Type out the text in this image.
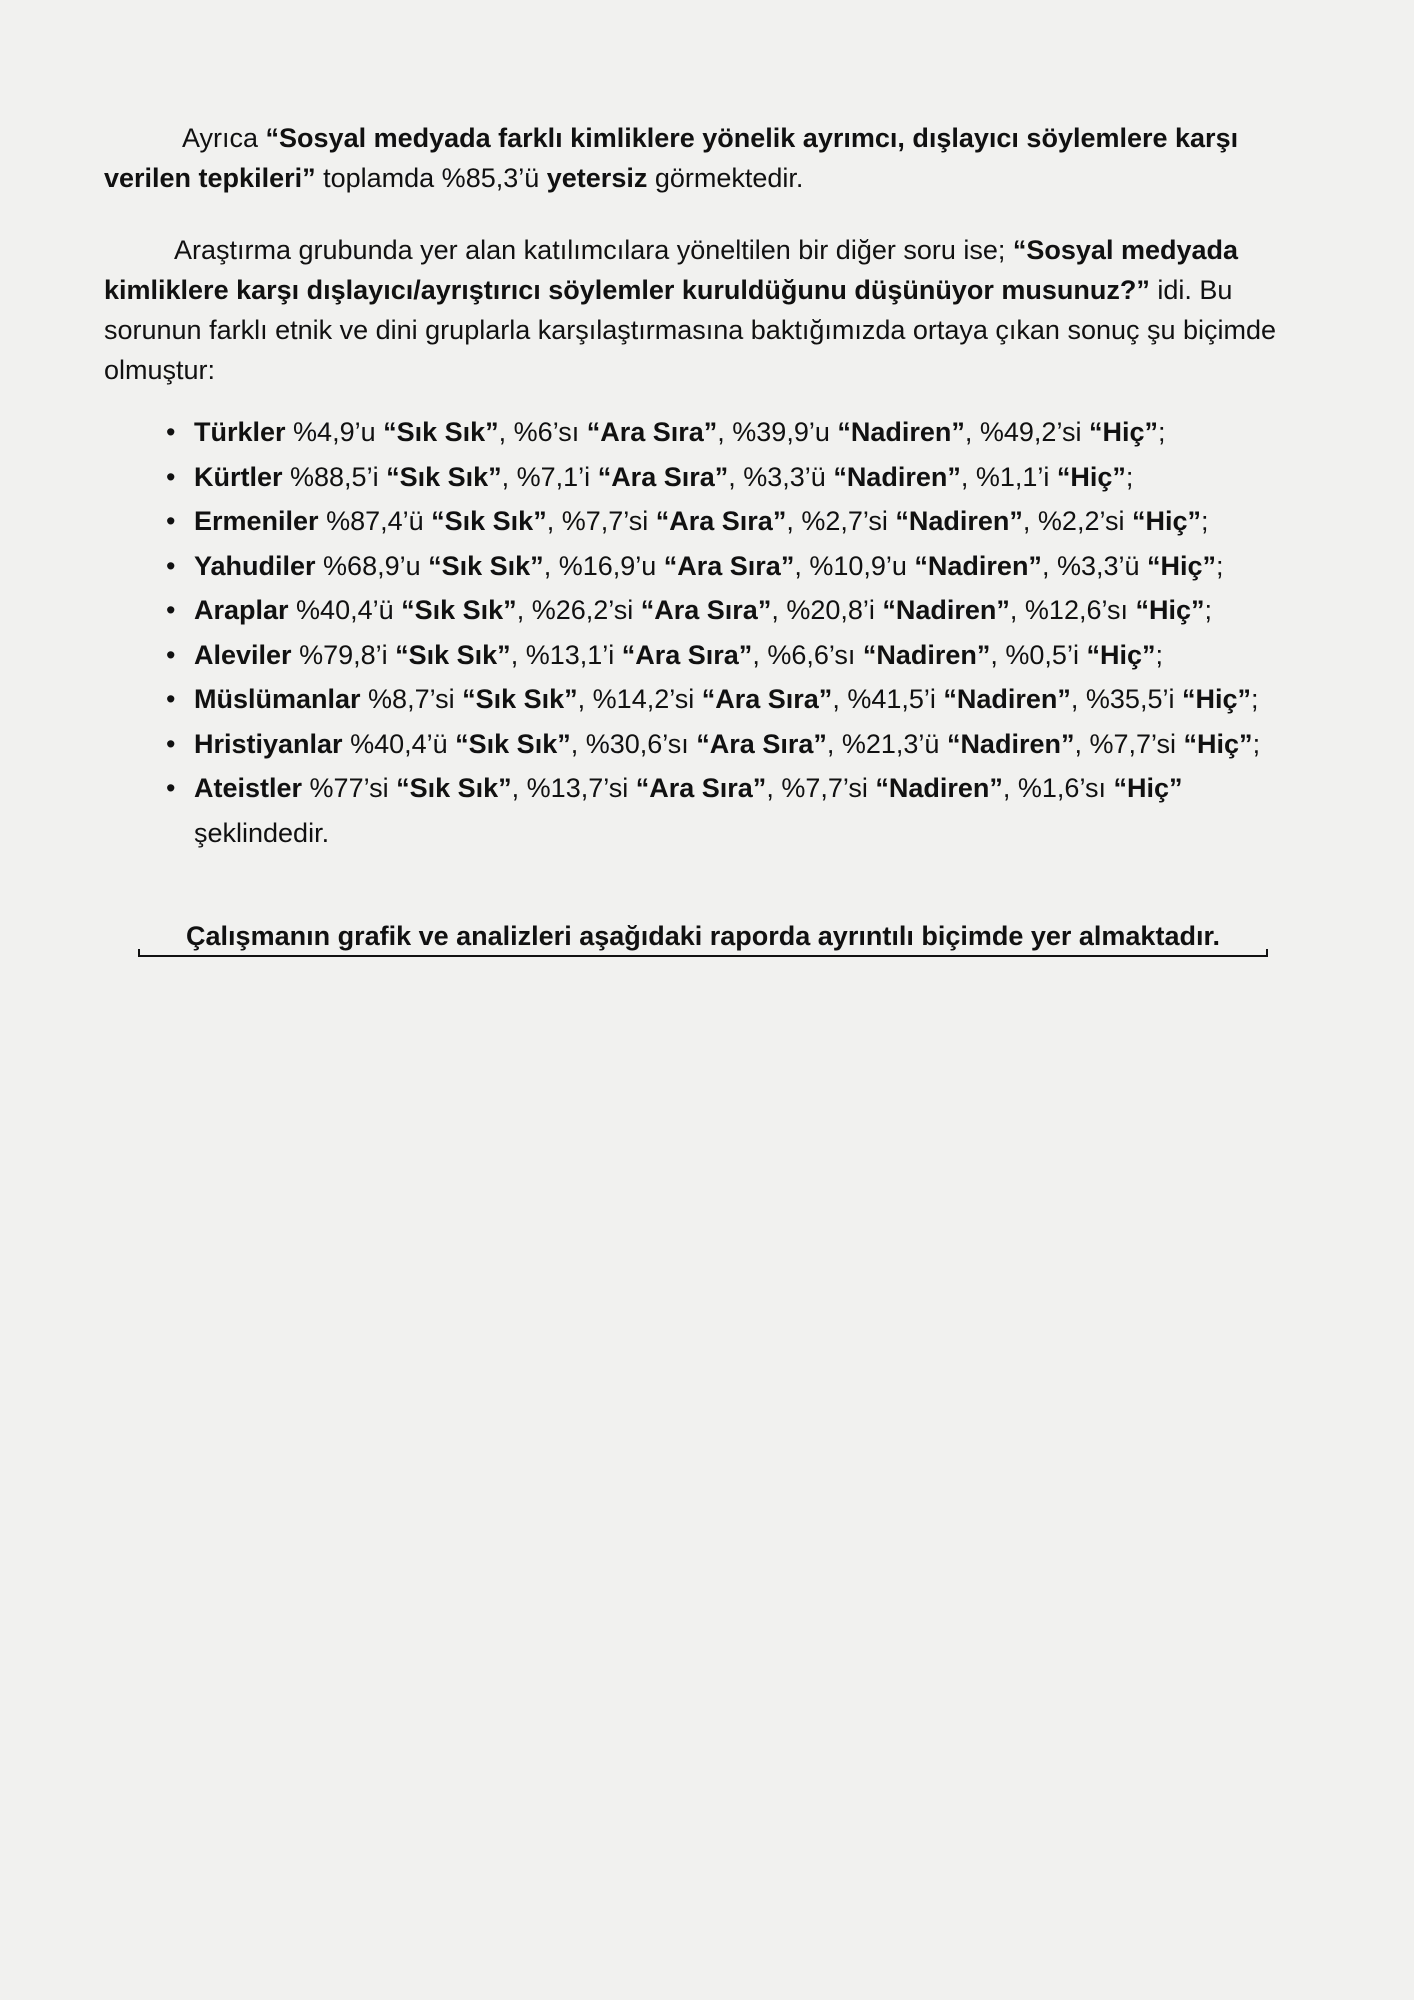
Ayrıca “Sosyal medyada farklı kimliklere yönelik ayrımcı, dışlayıcı söylemlere karşı verilen tepkileri” toplamda %85,3’ü yetersiz görmektedir.

Araştırma grubunda yer alan katılımcılara yöneltilen bir diğer soru ise; “Sosyal medyada kimliklere karşı dışlayıcı/ayrıştırıcı söylemler kuruldüğunu düşünüyor musunuz?” idi. Bu sorunun farklı etnik ve dini gruplarla karşılaştırmasına baktığımızda ortaya çıkan sonuç şu biçimde olmuştur:

• Türkler %4,9’u “Sık Sık”, %6’sı “Ara Sıra”, %39,9’u “Nadiren”, %49,2’si “Hiç”;
• Kürtler %88,5’i “Sık Sık”, %7,1’i “Ara Sıra”, %3,3’ü “Nadiren”, %1,1’i “Hiç”;
• Ermeniler %87,4’ü “Sık Sık”, %7,7’si “Ara Sıra”, %2,7’si “Nadiren”, %2,2’si “Hiç”;
• Yahudiler %68,9’u “Sık Sık”, %16,9’u “Ara Sıra”, %10,9’u “Nadiren”, %3,3’ü “Hiç”;
• Araplar %40,4’ü “Sık Sık”, %26,2’si “Ara Sıra”, %20,8’i “Nadiren”, %12,6’sı “Hiç”;
• Aleviler %79,8’i “Sık Sık”, %13,1’i “Ara Sıra”, %6,6’sı “Nadiren”, %0,5’i “Hiç”;
• Müslümanlar %8,7’si “Sık Sık”, %14,2’si “Ara Sıra”, %41,5’i “Nadiren”, %35,5’i “Hiç”;
• Hristiyanlar %40,4’ü “Sık Sık”, %30,6’sı “Ara Sıra”, %21,3’ü “Nadiren”, %7,7’si “Hiç”;
• Ateistler %77’si “Sık Sık”, %13,7’si “Ara Sıra”, %7,7’si “Nadiren”, %1,6’sı “Hiç”
şeklindedir.
Çalışmanın grafik ve analizleri aşağıdaki raporda ayrıntılı biçimde yer almaktadır.
